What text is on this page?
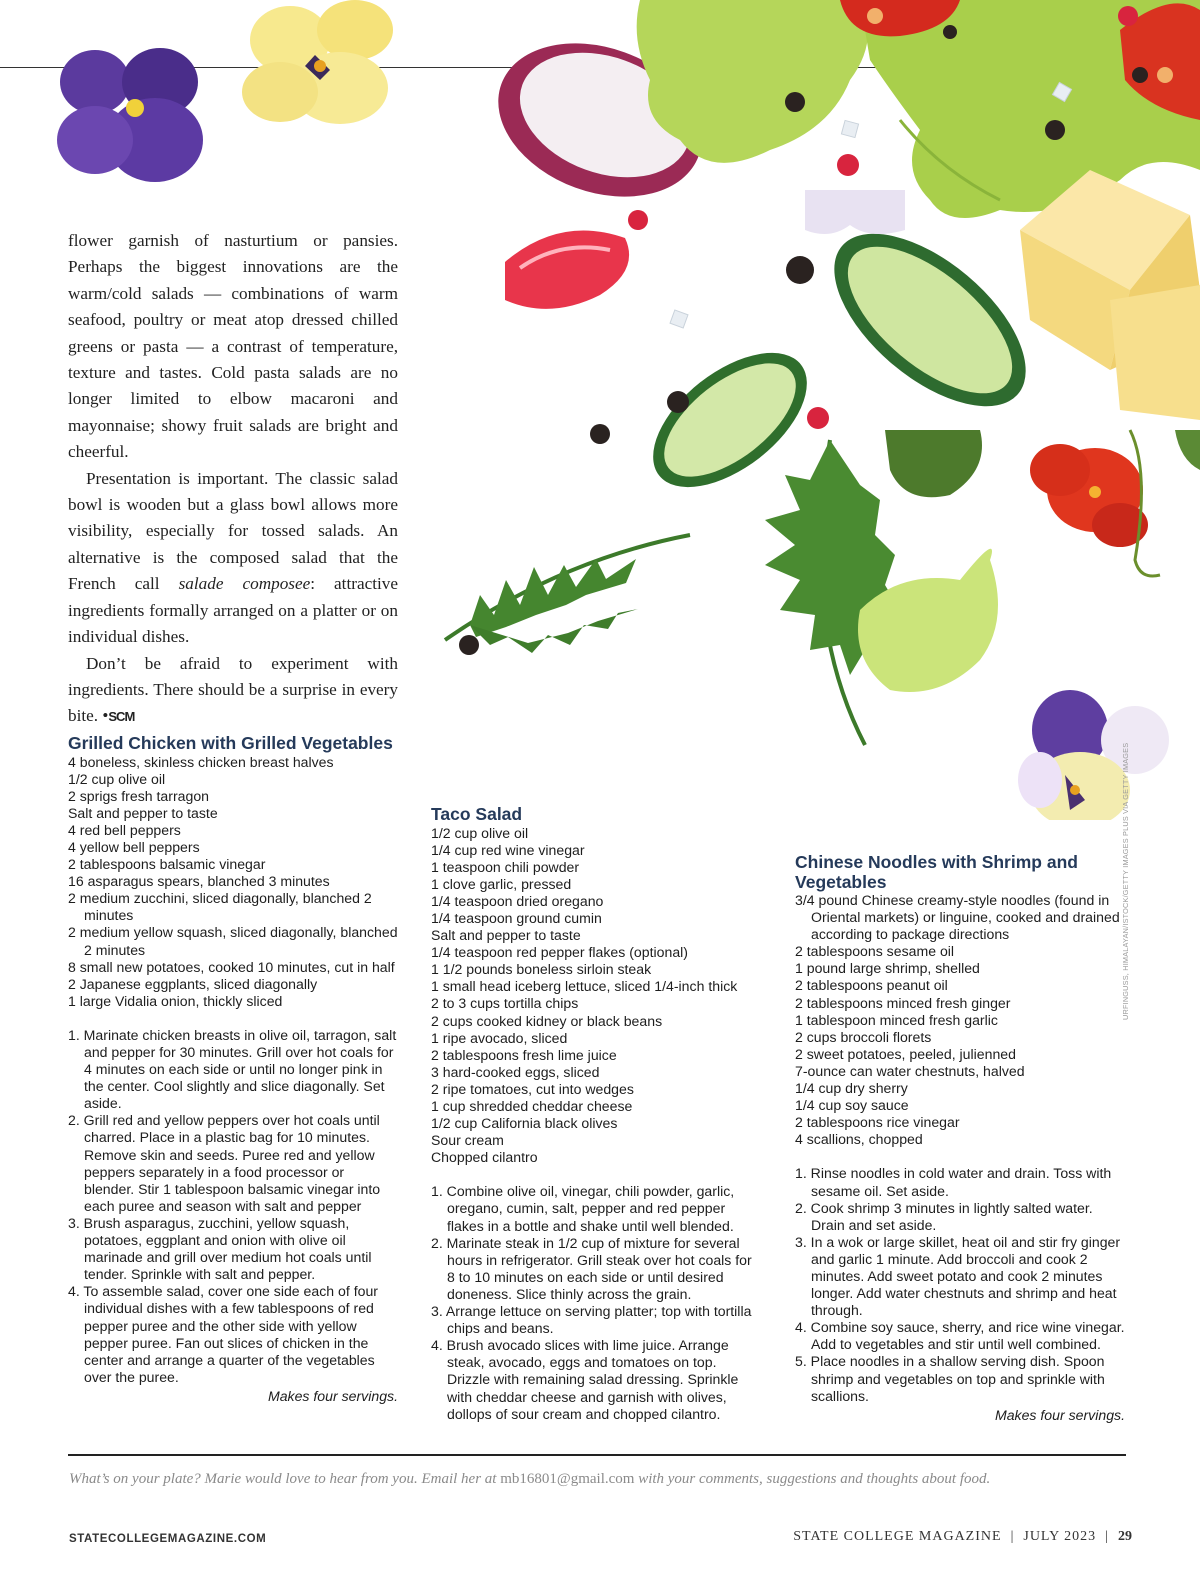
flower garnish of nasturtium or pansies. Perhaps the biggest innovations are the warm/cold salads — combinations of warm seafood, poultry or meat atop dressed chilled greens or pasta — a contrast of temperature, texture and tastes. Cold pasta salads are no longer limited to elbow macaroni and mayonnaise; showy fruit salads are bright and cheerful.

Presentation is important. The classic salad bowl is wooden but a glass bowl allows more visibility, especially for tossed salads. An alternative is the composed salad that the French call salade composee: attractive ingredients formally arranged on a platter or on individual dishes.

Don’t be afraid to experiment with ingredients. There should be a surprise in every bite. •SCM

Grilled Chicken with Grilled Vegetables
4 boneless, skinless chicken breast halves
1/2 cup olive oil
2 sprigs fresh tarragon
Salt and pepper to taste
4 red bell peppers
4 yellow bell peppers
2 tablespoons balsamic vinegar
16 asparagus spears, blanched 3 minutes
2 medium zucchini, sliced diagonally, blanched 2 minutes
2 medium yellow squash, sliced diagonally, blanched 2 minutes
8 small new potatoes, cooked 10 minutes, cut in half
2 Japanese eggplants, sliced diagonally
1 large Vidalia onion, thickly sliced
1. Marinate chicken breasts in olive oil, tarragon, salt and pepper for 30 minutes. Grill over hot coals for 4 minutes on each side or until no longer pink in the center. Cool slightly and slice diagonally. Set aside.
2. Grill red and yellow peppers over hot coals until charred. Place in a plastic bag for 10 minutes. Remove skin and seeds. Puree red and yellow peppers separately in a food processor or blender. Stir 1 tablespoon balsamic vinegar into each puree and season with salt and pepper
3. Brush asparagus, zucchini, yellow squash, potatoes, eggplant and onion with olive oil marinade and grill over medium hot coals until tender. Sprinkle with salt and pepper.
4. To assemble salad, cover one side each of four individual dishes with a few tablespoons of red pepper puree and the other side with yellow pepper puree. Fan out slices of chicken in the center and arrange a quarter of the vegetables over the puree.
Makes four servings.
Taco Salad
1/2 cup olive oil
1/4 cup red wine vinegar
1 teaspoon chili powder
1 clove garlic, pressed
1/4 teaspoon dried oregano
1/4 teaspoon ground cumin
Salt and pepper to taste
1/4 teaspoon red pepper flakes (optional)
1 1/2 pounds boneless sirloin steak
1 small head iceberg lettuce, sliced 1/4-inch thick
2 to 3 cups tortilla chips
2 cups cooked kidney or black beans
1 ripe avocado, sliced
2 tablespoons fresh lime juice
3 hard-cooked eggs, sliced
2 ripe tomatoes, cut into wedges
1 cup shredded cheddar cheese
1/2 cup California black olives
Sour cream
Chopped cilantro
1. Combine olive oil, vinegar, chili powder, garlic, oregano, cumin, salt, pepper and red pepper flakes in a bottle and shake until well blended.
2. Marinate steak in 1/2 cup of mixture for several hours in refrigerator. Grill steak over hot coals for 8 to 10 minutes on each side or until desired doneness. Slice thinly across the grain.
3. Arrange lettuce on serving platter; top with tortilla chips and beans.
4. Brush avocado slices with lime juice. Arrange steak, avocado, eggs and tomatoes on top. Drizzle with remaining salad dressing. Sprinkle with cheddar cheese and garnish with olives, dollops of sour cream and chopped cilantro.
Chinese Noodles with Shrimp and Vegetables
3/4 pound Chinese creamy-style noodles (found in Oriental markets) or linguine, cooked and drained according to package directions
2 tablespoons sesame oil
1 pound large shrimp, shelled
2 tablespoons peanut oil
2 tablespoons minced fresh ginger
1 tablespoon minced fresh garlic
2 cups broccoli florets
2 sweet potatoes, peeled, julienned
7-ounce can water chestnuts, halved
1/4 cup dry sherry
1/4 cup soy sauce
2 tablespoons rice vinegar
4 scallions, chopped
1. Rinse noodles in cold water and drain. Toss with sesame oil. Set aside.
2. Cook shrimp 3 minutes in lightly salted water. Drain and set aside.
3. In a wok or large skillet, heat oil and stir fry ginger and garlic 1 minute. Add broccoli and cook 2 minutes. Add sweet potato and cook 2 minutes longer. Add water chestnuts and shrimp and heat through.
4. Combine soy sauce, sherry, and rice wine vinegar. Add to vegetables and stir until well combined.
5. Place noodles in a shallow serving dish. Spoon shrimp and vegetables on top and sprinkle with scallions.
Makes four servings.
URFINGUSS, HIMALAYAN/ISTOCK/GETTY IMAGES PLUS VIA GETTY IMAGES
What’s on your plate? Marie would love to hear from you. Email her at mb16801@gmail.com with your comments, suggestions and thoughts about food.
STATECOLLEGEMAGAZINE.COM	STATE COLLEGE MAGAZINE  |  JULY 2023  |  29
